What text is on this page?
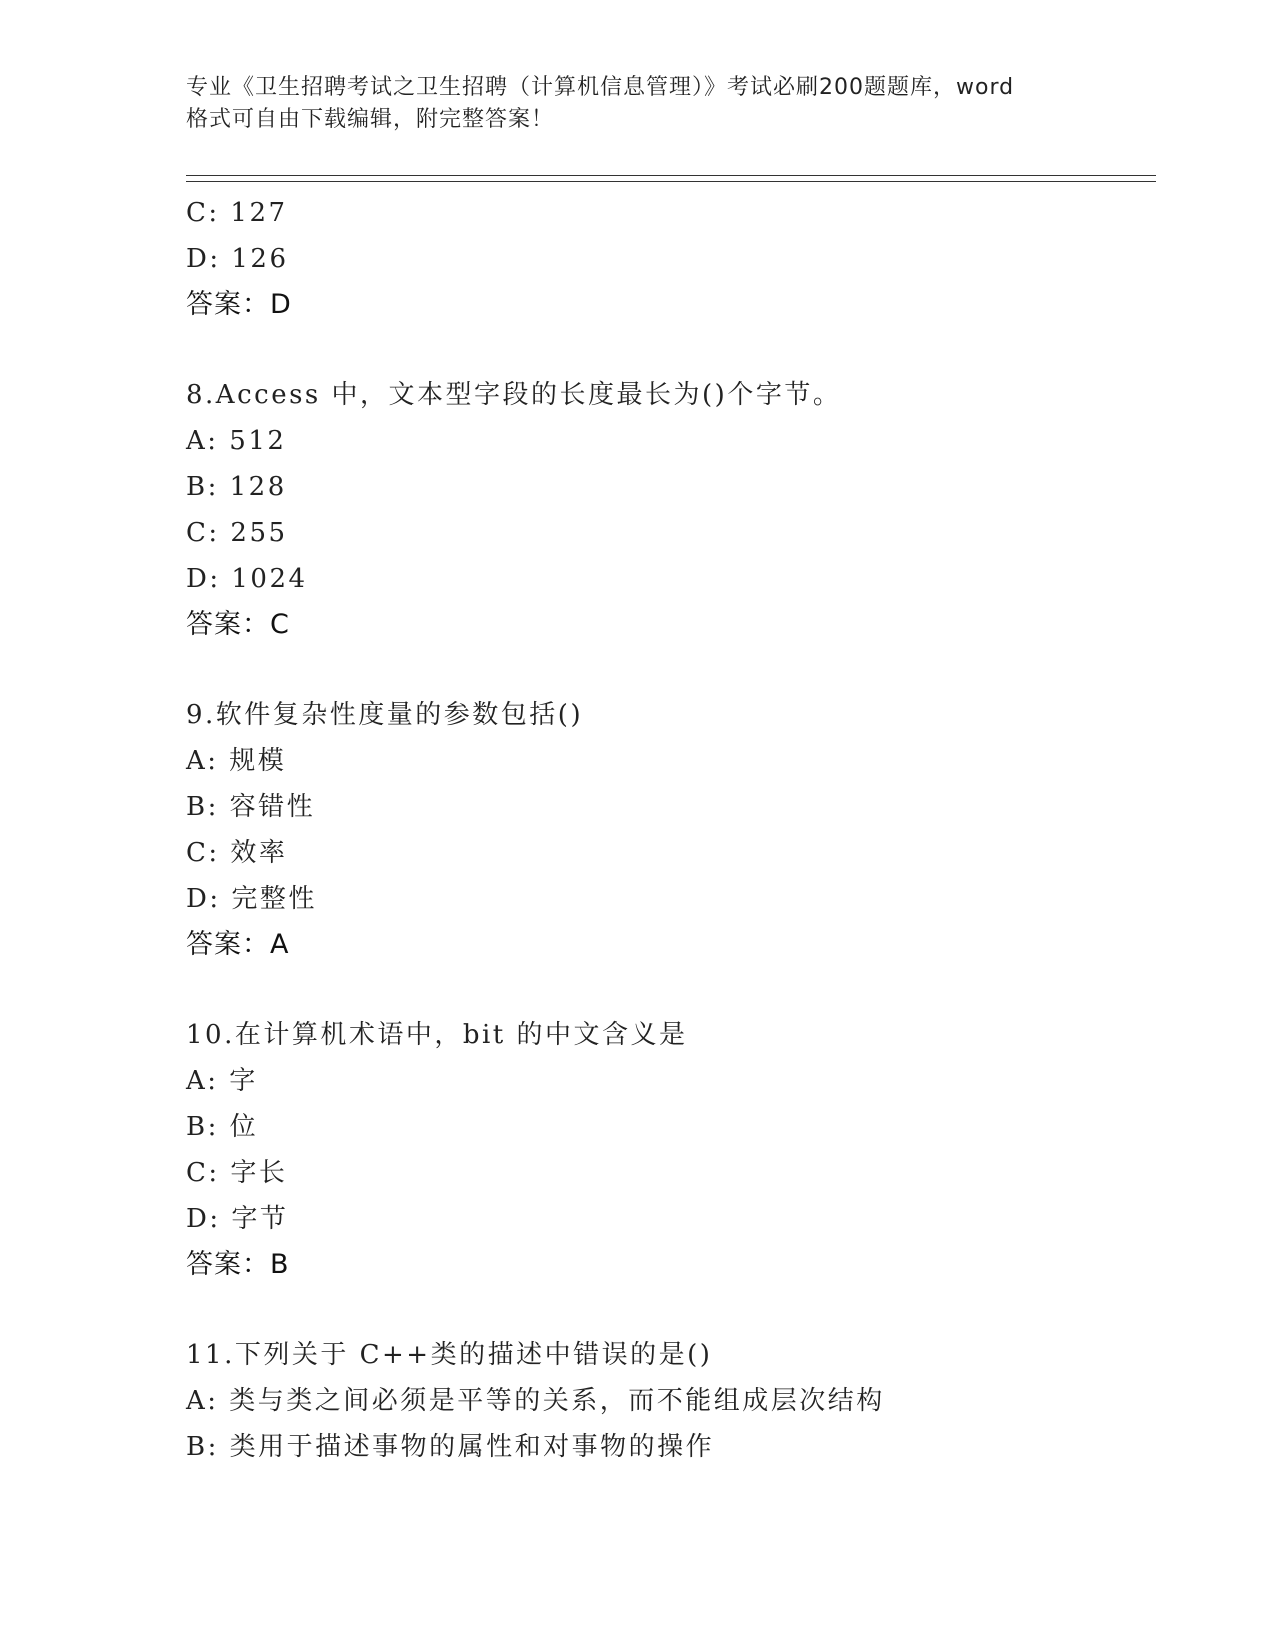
专业《卫生招聘考试之卫生招聘（计算机信息管理）》考试必刷200题题库，word
格式可自由下载编辑，附完整答案！
C: 127
D: 126
答案：D
8.Access 中，文本型字段的长度最长为()个字节。
A: 512
B: 128
C: 255
D: 1024
答案：C
9.软件复杂性度量的参数包括()
A: 规模
B: 容错性
C: 效率
D: 完整性
答案：A
10.在计算机术语中，bit 的中文含义是
A: 字
B: 位
C: 字长
D: 字节
答案：B
11.下列关于 C++类的描述中错误的是()
A: 类与类之间必须是平等的关系，而不能组成层次结构
B: 类用于描述事物的属性和对事物的操作
